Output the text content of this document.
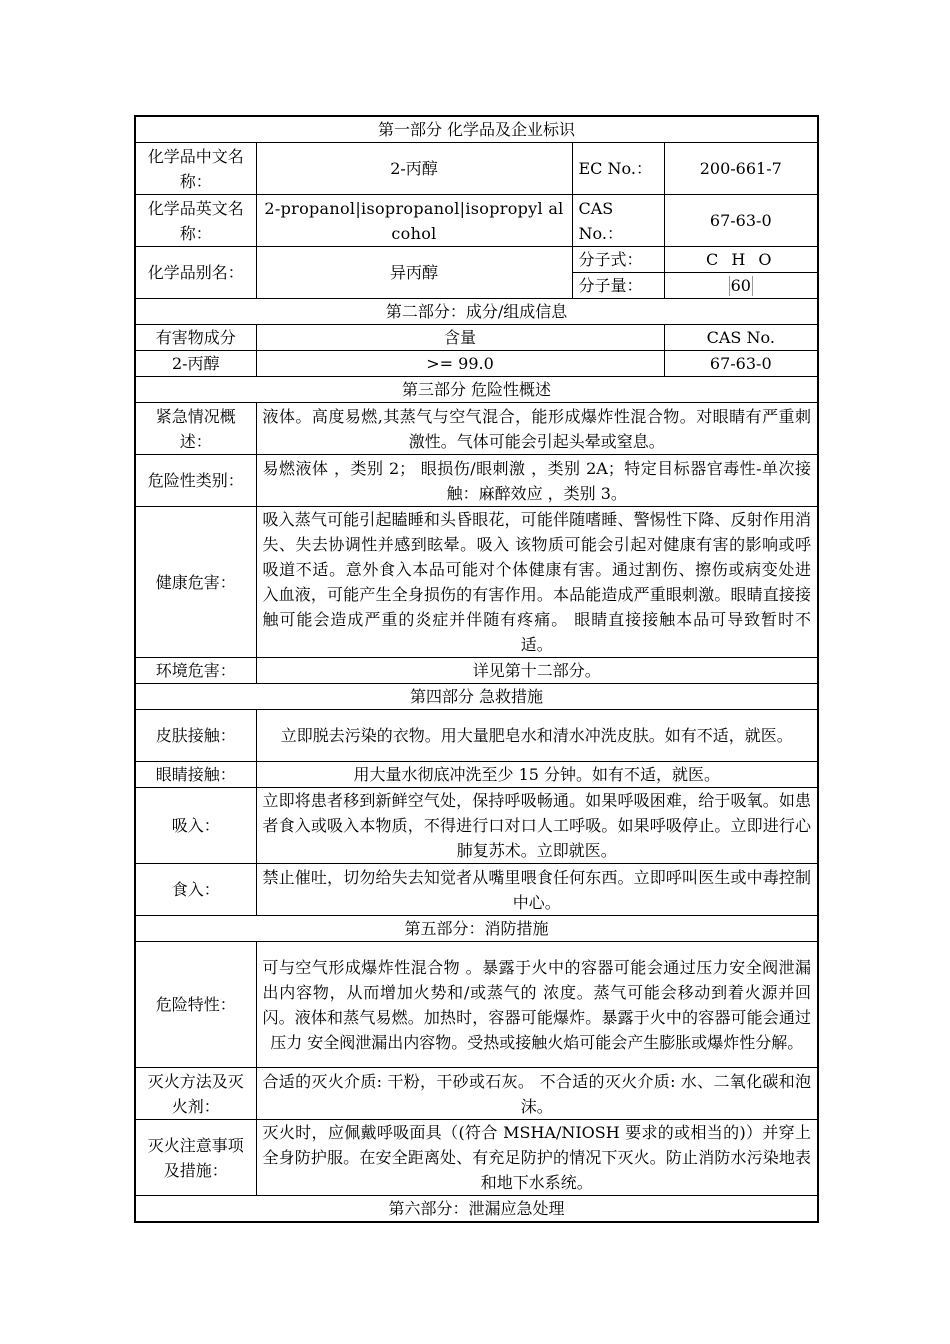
第一部分 化学品及企业标识			
化学品中文名称：	2-丙醇	EC No.：	200-661-7
化学品英文名称：	2-propanol|isopropanol|isopropyl alcohol	CAS No.：	67-63-0
化学品别名：	异丙醇	分子式：	C H O
		分子量：	60
第二部分：成分/组成信息			
有害物成分	含量		CAS No.
2-丙醇	>= 99.0		67-63-0
第三部分 危险性概述			
紧急情况概述：	液体。高度易燃,其蒸气与空气混合，能形成爆炸性混合物。对眼睛有严重刺激性。气体可能会引起头晕或窒息。		

危险性类别：	易燃液体 ，类别 2； 眼损伤/眼刺激 ，类别 2A；特定目标器官毒性-单次接触：麻醉效应 ，类别 3。		

健康危害：	吸入蒸气可能引起瞌睡和头昏眼花，可能伴随嗜睡、警惕性下降、反射作用消失、失去协调性并感到眩晕。吸入 该物质可能会引起对健康有害的影响或呼吸道不适。意外食入本品可能对个体健康有害。通过割伤、擦伤或病变处进 入血液，可能产生全身损伤的有害作用。本品能造成严重眼刺激。眼睛直接接触可能会造成严重的炎症并伴随有疼痛。 眼睛直接接触本品可导致暂时不适。		

环境危害：	详见第十二部分。		
第四部分 急救措施			
皮肤接触：	立即脱去污染的衣物。用大量肥皂水和清水冲洗皮肤。如有不适，就医。		

眼睛接触：	用大量水彻底冲洗至少 15 分钟。如有不适，就医。		
吸入：	立即将患者移到新鲜空气处，保持呼吸畅通。如果呼吸困难，给于吸氧。如患者食入或吸入本物质，不得进行口对口人工呼吸。如果呼吸停止。立即进行心肺复苏术。立即就医。		

食入：	禁止催吐，切勿给失去知觉者从嘴里喂食任何东西。立即呼叫医生或中毒控制中心。		

第五部分：消防措施			
危险特性：	可与空气形成爆炸性混合物 。暴露于火中的容器可能会通过压力安全阀泄漏出内容物，从而增加火势和/或蒸气的 浓度。蒸气可能会移动到着火源并回闪。液体和蒸气易燃。加热时，容器可能爆炸。暴露于火中的容器可能会通过压力 安全阀泄漏出内容物。受热或接触火焰可能会产生膨胀或爆炸性分解。		

灭火方法及灭火剂：	合适的灭火介质: 干粉，干砂或石灰。 不合适的灭火介质: 水、二氧化碳和泡沫。		

灭火注意事项及措施：	灭火时，应佩戴呼吸面具（(符合 MSHA/NIOSH 要求的或相当的)）并穿上全身防护服。在安全距离处、有充足防护的情况下灭火。防止消防水污染地表和地下水系统。		

第六部分：泄漏应急处理			
